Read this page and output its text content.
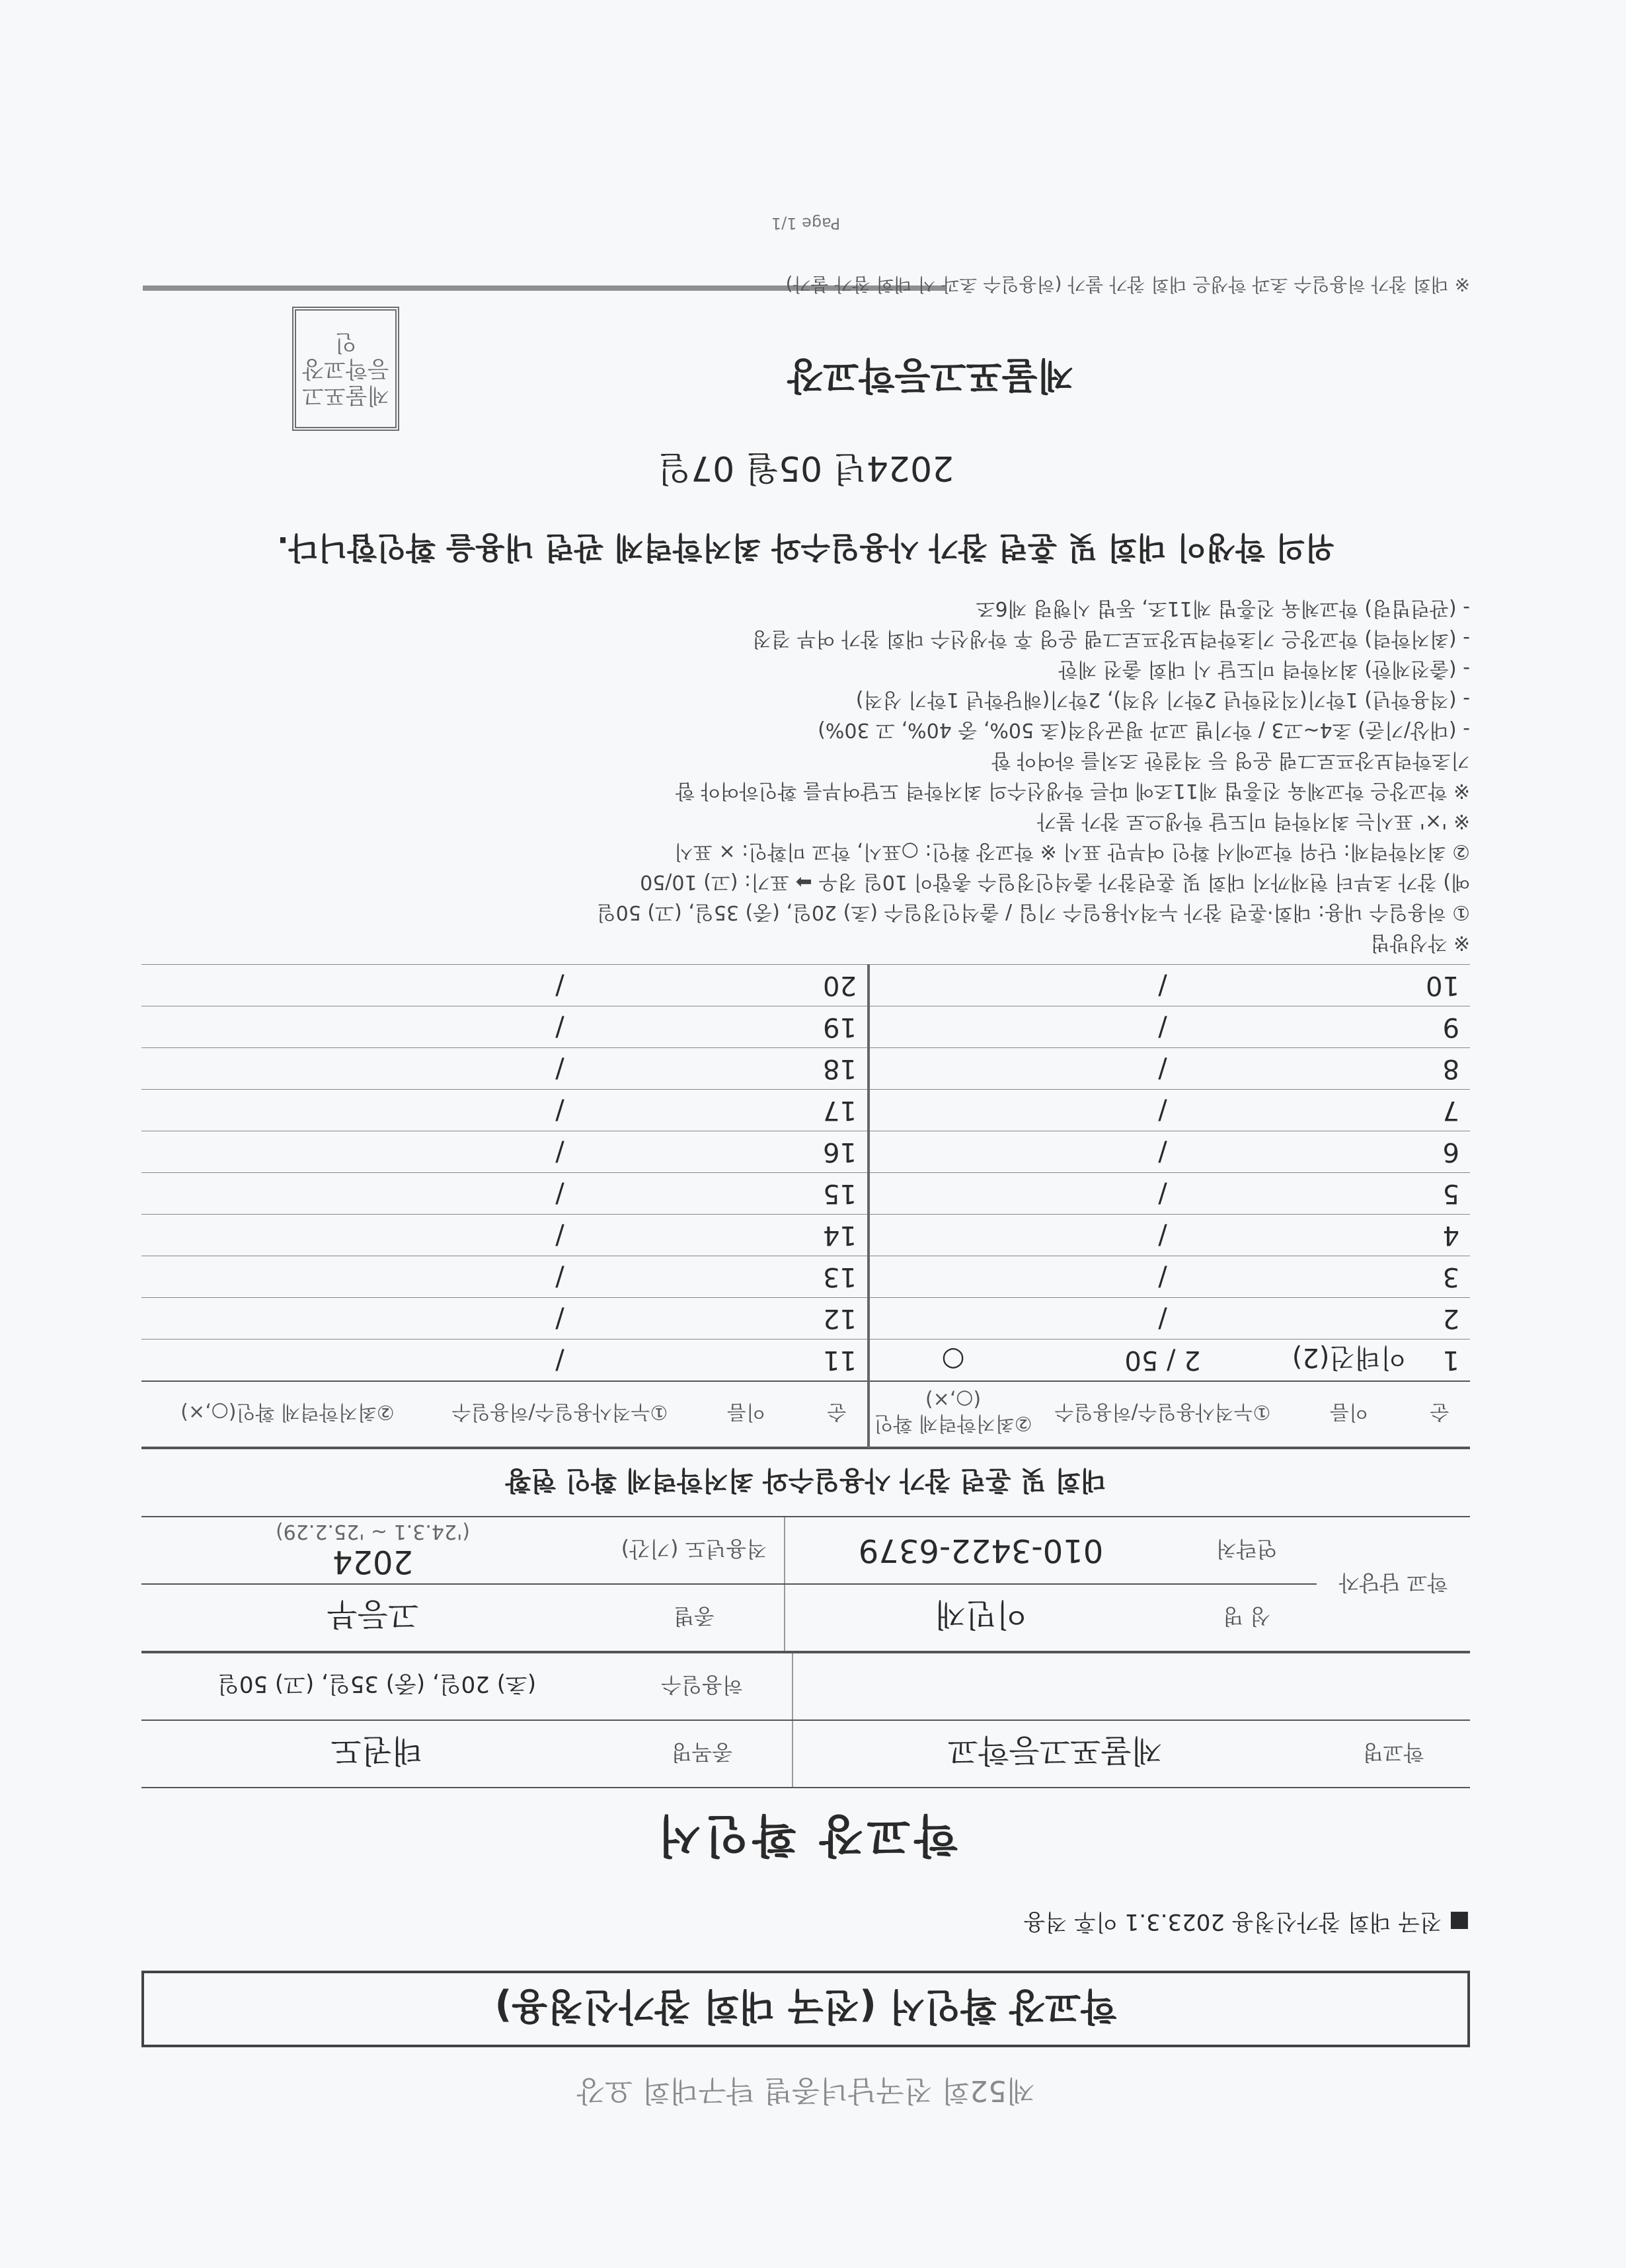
제52회 전국남녀종별 탁구대회 요강
학교장 확인서 (전국 대회 참가신청용)
■ 전국 대회 참가신청용 2023.3.1 이후 적용
학교장 확인서
학교명	제물포고등학교	종목명	태권도
		허용일수	(초) 20일, (중) 35일, (고) 50일
학교 담당자	성 명	이민재	종별	고등부
	연락처	010-3422-6379	적용년도 (기간)	2024
('24.3.1 ~ '25.2.29)
대회 및 훈련 참가 사용일수와 최저학력제 확인 현황
순	이름	①누적사용일수/허용일수	②최저학력제 확인(○,×)	순	이름	①누적사용일수/허용일수	②최저학력제 확인(○,×)
1	이태건(2)	2 / 50	○	11		/	
2		/		12		/	
3		/		13		/	
4		/		14		/	
5		/		15		/	
6		/		16		/	
7		/		17		/	
8		/		18		/	
9		/		19		/	
10		/		20		/	

※ 작성방법

① 허용일수 내용: 대회·훈련 참가 누적사용일수 기입 / 출석인정일수 (초) 20일, (중) 35일, (고) 50일

예) 참가 초부터 현재까지 대회 및 훈련참가 출석인정일수 총합이 10일 경우 ➡ 표기: (고) 10/50

② 최저학력제: 단위 학교에서 확인 여부만 표시 ※ 학교장 확인: ○표시, 학교 미확인: × 표시

※ '×' 표시는 최저학력 미도달 학생으로 참가 불가

※ 학교장은 학교체육 진흥법 제11조에 따른 학생선수의 최저학력 도달여부를 확인하여야 함

기초학력보장프로그램 운영 등 적절한 조치를 하여야 함

- (대상/기준) 초4~고3 / 학기별 교과 평균성적(초 50%, 중 40%, 고 30%)

- (적용학년) 1학기(직전학년 2학기 성적), 2학기(해당학년 1학기 성적)

- (출전제한) 최저학력 미도달 시 대회 출전 제한

- (최저학력) 학교장은 기초학력보장프로그램 운영 후 학생선수 대회 참가 여부 결정

- (관련법령) 학교체육 진흥법 제11조, 동법 시행령 제6조

위의 학생이 대회 및 훈련 참가 사용일수와 최저학력제 관련 내용을 확인합니다.
2024년 05월 07일
제물포고등학교장
제물포고등학교장인
※ 대회 참가 허용일수 초과 학생은 대회 참가 불가 (허용일수 초과 시 대회 참가 불가)
Page 1/1
